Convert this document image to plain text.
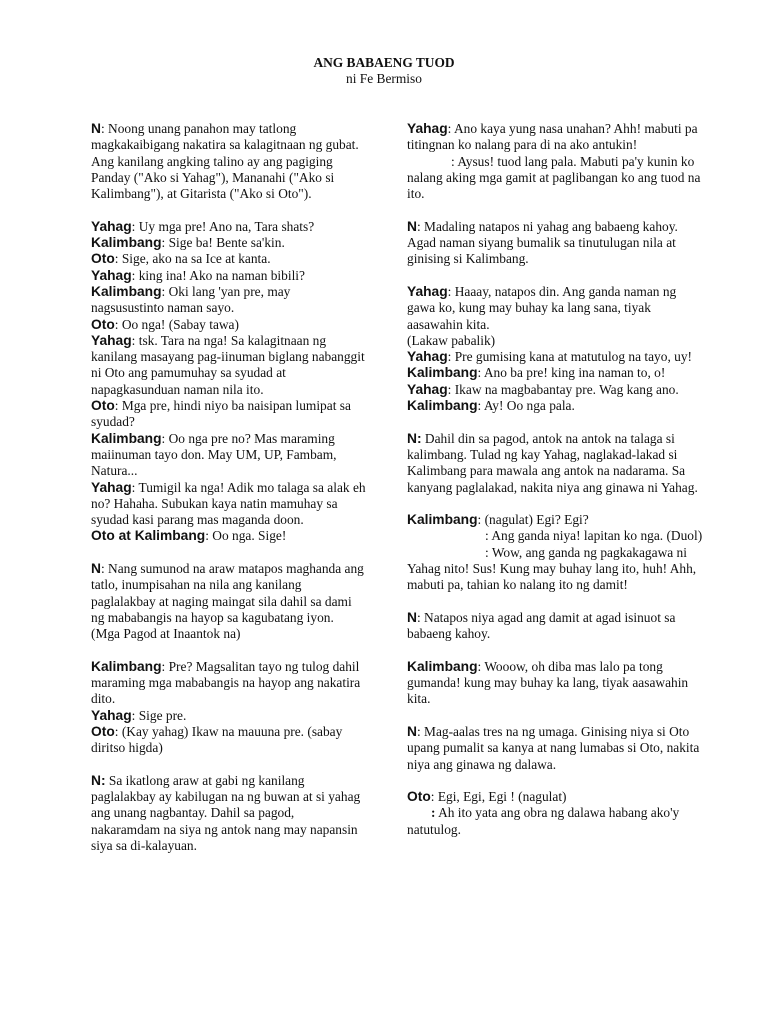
ANG BABAENG TUOD
ni Fe Bermiso

N: Noong unang panahon may tatlong magkakaibigang nakatira sa kalagitnaan ng gubat. Ang kanilang angking talino ay ang pagiging Panday ("Ako si Yahag"), Mananahi ("Ako si Kalimbang"), at Gitarista ("Ako si Oto").

Yahag: Uy mga pre! Ano na, Tara shats?

Kalimbang: Sige ba! Bente sa'kin.

Oto: Sige, ako na sa Ice at kanta.

Yahag: king ina! Ako na naman bibili?

Kalimbang: Oki lang 'yan pre, may nagsusustinto naman sayo.

Oto: Oo nga! (Sabay tawa)

Yahag: tsk. Tara na nga! Sa kalagitnaan ng kanilang masayang pag-iinuman biglang nabanggit ni Oto ang pamumuhay sa syudad at napagkasunduan naman nila ito.

Oto: Mga pre, hindi niyo ba naisipan lumipat sa syudad?

Kalimbang: Oo nga pre no? Mas maraming maiinuman tayo don. May UM, UP, Fambam, Natura...

Yahag: Tumigil ka nga! Adik mo talaga sa alak eh no? Hahaha. Subukan kaya natin mamuhay sa syudad kasi parang mas maganda doon.

Oto at Kalimbang: Oo nga. Sige!

N: Nang sumunod na araw matapos maghanda ang tatlo, inumpisahan na nila ang kanilang paglalakbay at naging maingat sila dahil sa dami ng mababangis na hayop sa kagubatang iyon.

(Mga Pagod at Inaantok na)

Kalimbang: Pre? Magsalitan tayo ng tulog dahil maraming mga mababangis na hayop ang nakatira dito.

Yahag: Sige pre.

Oto: (Kay yahag) Ikaw na mauuna pre. (sabay diritso higda)

N: Sa ikatlong araw at gabi ng kanilang paglalakbay ay kabilugan na ng buwan at si yahag ang unang nagbantay. Dahil sa pagod, nakaramdam na siya ng antok nang may napansin siya sa di-kalayuan.

Yahag: Ano kaya yung nasa unahan? Ahh! mabuti pa titingnan ko nalang para di na ako antukin!

: Aysus! tuod lang pala. Mabuti pa'y kunin ko nalang aking mga gamit at paglibangan ko ang tuod na ito.

N: Madaling natapos ni yahag ang babaeng kahoy. Agad naman siyang bumalik sa tinutulugan nila at ginising si Kalimbang.

Yahag: Haaay, natapos din. Ang ganda naman ng gawa ko, kung may buhay ka lang sana, tiyak aasawahin kita.

(Lakaw pabalik)

Yahag: Pre gumising kana at matutulog na tayo, uy! Kalimbang: Ano ba pre! king ina naman to, o!

Yahag: Ikaw na magbabantay pre. Wag kang ano. Kalimbang: Ay! Oo nga pala.

N: Dahil din sa pagod, antok na antok na talaga si kalimbang. Tulad ng kay Yahag, naglakad-lakad si Kalimbang para mawala ang antok na nadarama. Sa kanyang paglalakad, nakita niya ang ginawa ni Yahag.

Kalimbang: (nagulat) Egi? Egi?

: Ang ganda niya! lapitan ko nga. (Duol)

: Wow, ang ganda ng pagkakagawa ni Yahag nito! Sus! Kung may buhay lang ito, huh! Ahh, mabuti pa, tahian ko nalang ito ng damit!

N: Natapos niya agad ang damit at agad isinuot sa babaeng kahoy.

Kalimbang: Wooow, oh diba mas lalo pa tong gumanda! kung may buhay ka lang, tiyak aasawahin kita.

N: Mag-aalas tres na ng umaga. Ginising niya si Oto upang pumalit sa kanya at nang lumabas si Oto, nakita niya ang ginawa ng dalawa.

Oto: Egi, Egi, Egi ! (nagulat)

: Ah ito yata ang obra ng dalawa habang ako'y natutulog.
